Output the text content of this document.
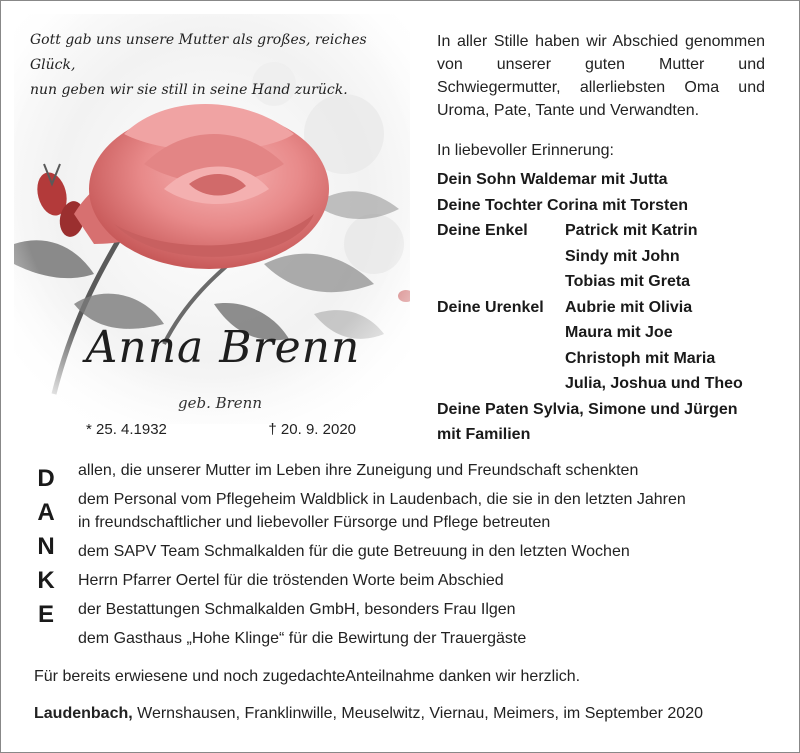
Gott gab uns unsere Mutter als großes, reiches Glück,
nun geben wir sie still in seine Hand zurück.
Anna Brenn
geb. Brenn
* 25. 4.1932	† 20. 9. 2020
In aller Stille haben wir Abschied genommen von unserer guten Mutter und Schwiegermutter, allerliebsten Oma und Uroma, Pate, Tante und Verwandten.
In liebevoller Erinnerung:
Dein Sohn Waldemar mit Jutta
Deine Tochter Corina mit Torsten
Deine Enkel	Patrick mit Katrin
Sindy mit John
Tobias mit Greta
Deine Urenkel	Aubrie mit Olivia
Maura mit Joe
Christoph mit Maria
Julia, Joshua und Theo
Deine Paten Sylvia, Simone und Jürgen
mit Familien
D
A
N
K
E
allen, die unserer Mutter im Leben ihre Zuneigung und Freundschaft schenkten
dem Personal vom Pflegeheim Waldblick in Laudenbach, die sie in den letzten Jahren
in freundschaftlicher und liebevoller Fürsorge und Pflege betreuten
dem SAPV Team Schmalkalden für die gute Betreuung in den letzten Wochen
Herrn Pfarrer Oertel für die tröstenden Worte beim Abschied
der Bestattungen Schmalkalden GmbH, besonders Frau Ilgen
dem Gasthaus „Hohe Klinge“ für die Bewirtung der Trauergäste
Für bereits erwiesene und noch zugedachteAnteilnahme danken wir herzlich.
Laudenbach, Wernshausen, Franklinwille, Meuselwitz, Viernau, Meimers, im September 2020
